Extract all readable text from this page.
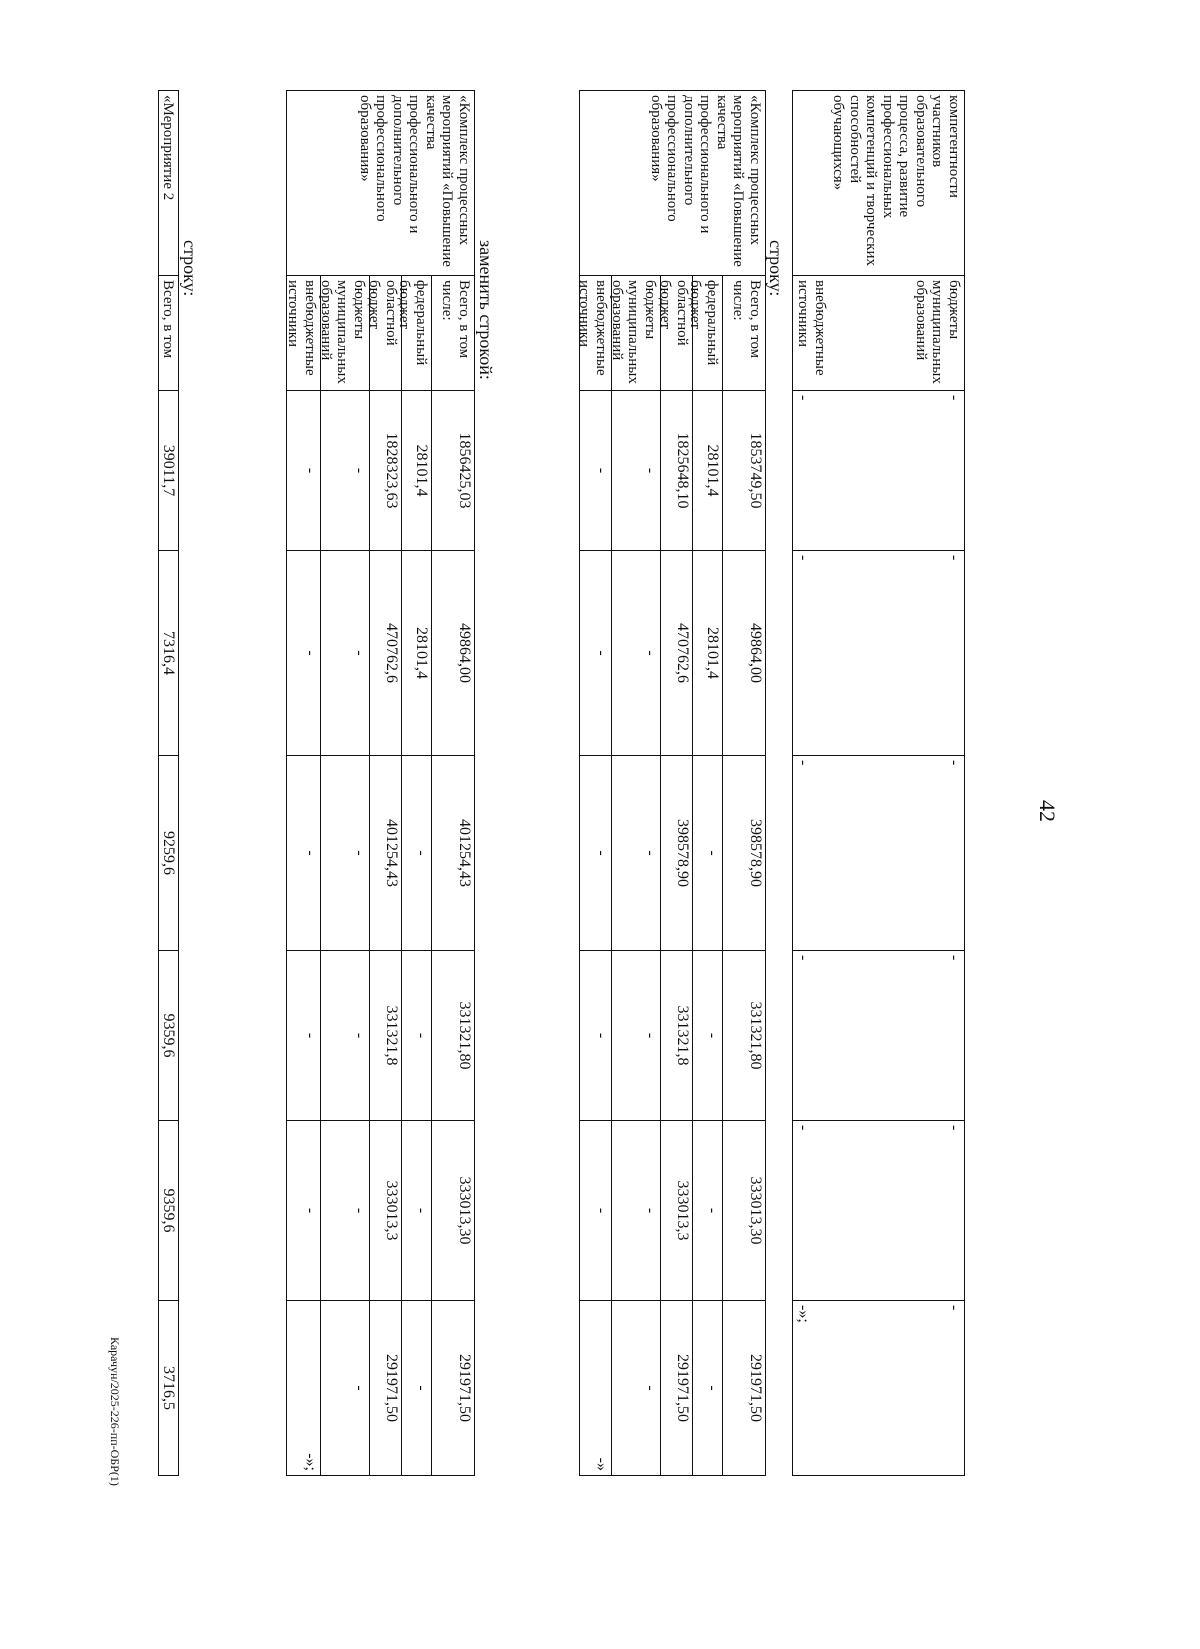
42
компетентности участников образовательного процесса, развитие профессиональных компетенций и творческих способностей обучающихся»
бюджеты муниципальных образований
внебюджетные источники
-
-
-
-
-
-
-
-
-
-
-
-»;
строку:
«Комплекс процессных мероприятий «Повышение качества профессионального и дополнительного профессионального образования»
Всего, в том числе:
1853749,50
49864,00
398578,90
331321,80
333013,30
291971,50
федеральный бюджет
28101,4
28101,4
-
-
-
-
областной бюджет
1825648,10
470762,6
398578,90
331321,8
333013,3
291971,50
бюджеты муниципальных образований
-
-
-
-
-
-
внебюджетные источники
-
-
-
-
-
-»
заменить строкой:
«Комплекс процессных мероприятий «Повышение качества профессионального и дополнительного профессионального образования»
Всего, в том числе:
1856425,03
49864,00
401254,43
331321,80
333013,30
291971,50
федеральный бюджет
28101,4
28101,4
-
-
-
-
областной бюджет
1828323,63
470762,6
401254,43
331321,8
333013,3
291971,50
бюджеты муниципальных образований
-
-
-
-
-
-
внебюджетные источники
-
-
-
-
-
-»;
строку:
«Мероприятие 2
Всего, в том
39011,7
7316,4
9259,6
9359,6
9359,6
3716,5
Карачун/2025-226-пп-ОБР(1)
